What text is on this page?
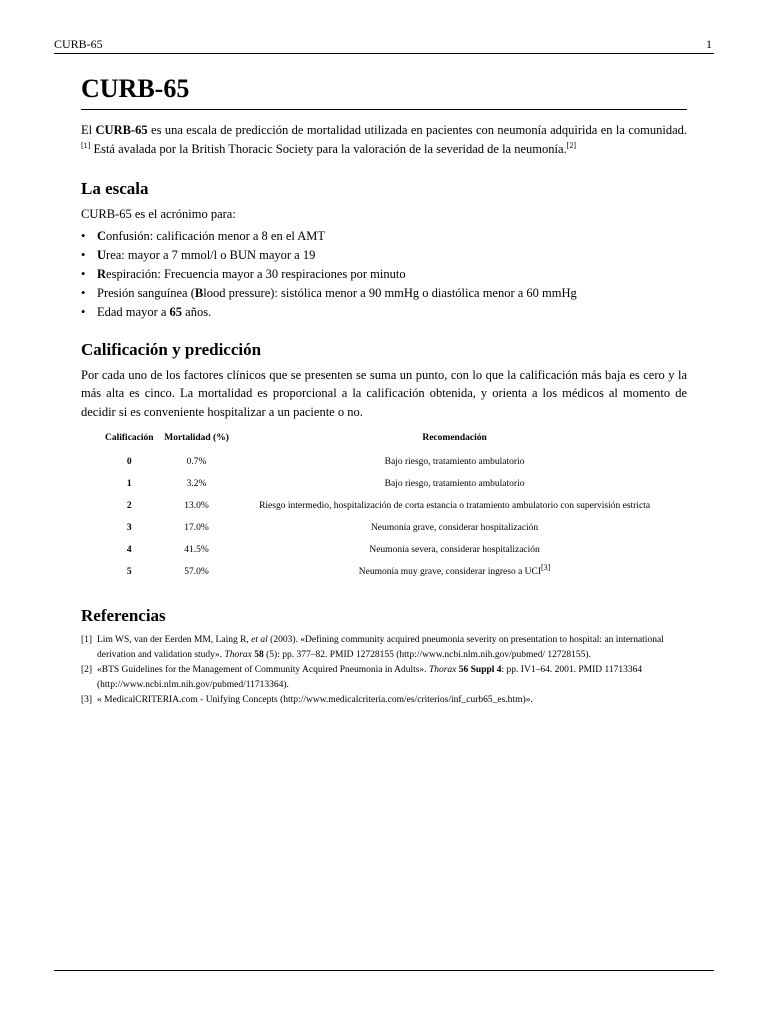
CURB-65	1
CURB-65

El CURB-65 es una escala de predicción de mortalidad utilizada en pacientes con neumonía adquirida en la comunidad.[1] Está avalada por la British Thoracic Society para la valoración de la severidad de la neumonía.[2]

La escala

CURB-65 es el acrónimo para:

• Confusión: calificación menor a 8 en el AMT
• Urea: mayor a 7 mmol/l o BUN mayor a 19
• Respiración: Frecuencia mayor a 30 respiraciones por minuto
• Presión sanguínea (Blood pressure): sistólica menor a 90 mmHg o diastólica menor a 60 mmHg
• Edad mayor a 65 años.
Calificación y predicción

Por cada uno de los factores clínicos que se presenten se suma un punto, con lo que la calificación más baja es cero y la más alta es cinco. La mortalidad es proporcional a la calificación obtenida, y orienta a los médicos al momento de decidir si es conveniente hospitalizar a un paciente o no.

Calificación	Mortalidad (%)	Recomendación
0	0.7%	Bajo riesgo, tratamiento ambulatorio
1	3.2%	Bajo riesgo, tratamiento ambulatorio
2	13.0%	Riesgo intermedio, hospitalización de corta estancia o tratamiento ambulatorio con supervisión estricta
3	17.0%	Neumonía grave, considerar hospitalización
4	41.5%	Neumonía severa, considerar hospitalización
5	57.0%	Neumonía muy grave, considerar ingreso a UCI[3]
Referencias
[1] Lim WS, van der Eerden MM, Laing R, et al (2003). «Defining community acquired pneumonia severity on presentation to hospital: an international derivation and validation study». Thorax 58 (5): pp. 377–82. PMID 12728155 (http://www.ncbi.nlm.nih.gov/pubmed/ 12728155).
[2] «BTS Guidelines for the Management of Community Acquired Pneumonia in Adults». Thorax 56 Suppl 4: pp. IV1–64. 2001. PMID 11713364 (http://www.ncbi.nlm.nih.gov/pubmed/11713364).
[3] « MedicalCRITERIA.com - Unifying Concepts (http://www.medicalcriteria.com/es/criterios/inf_curb65_es.htm)».
